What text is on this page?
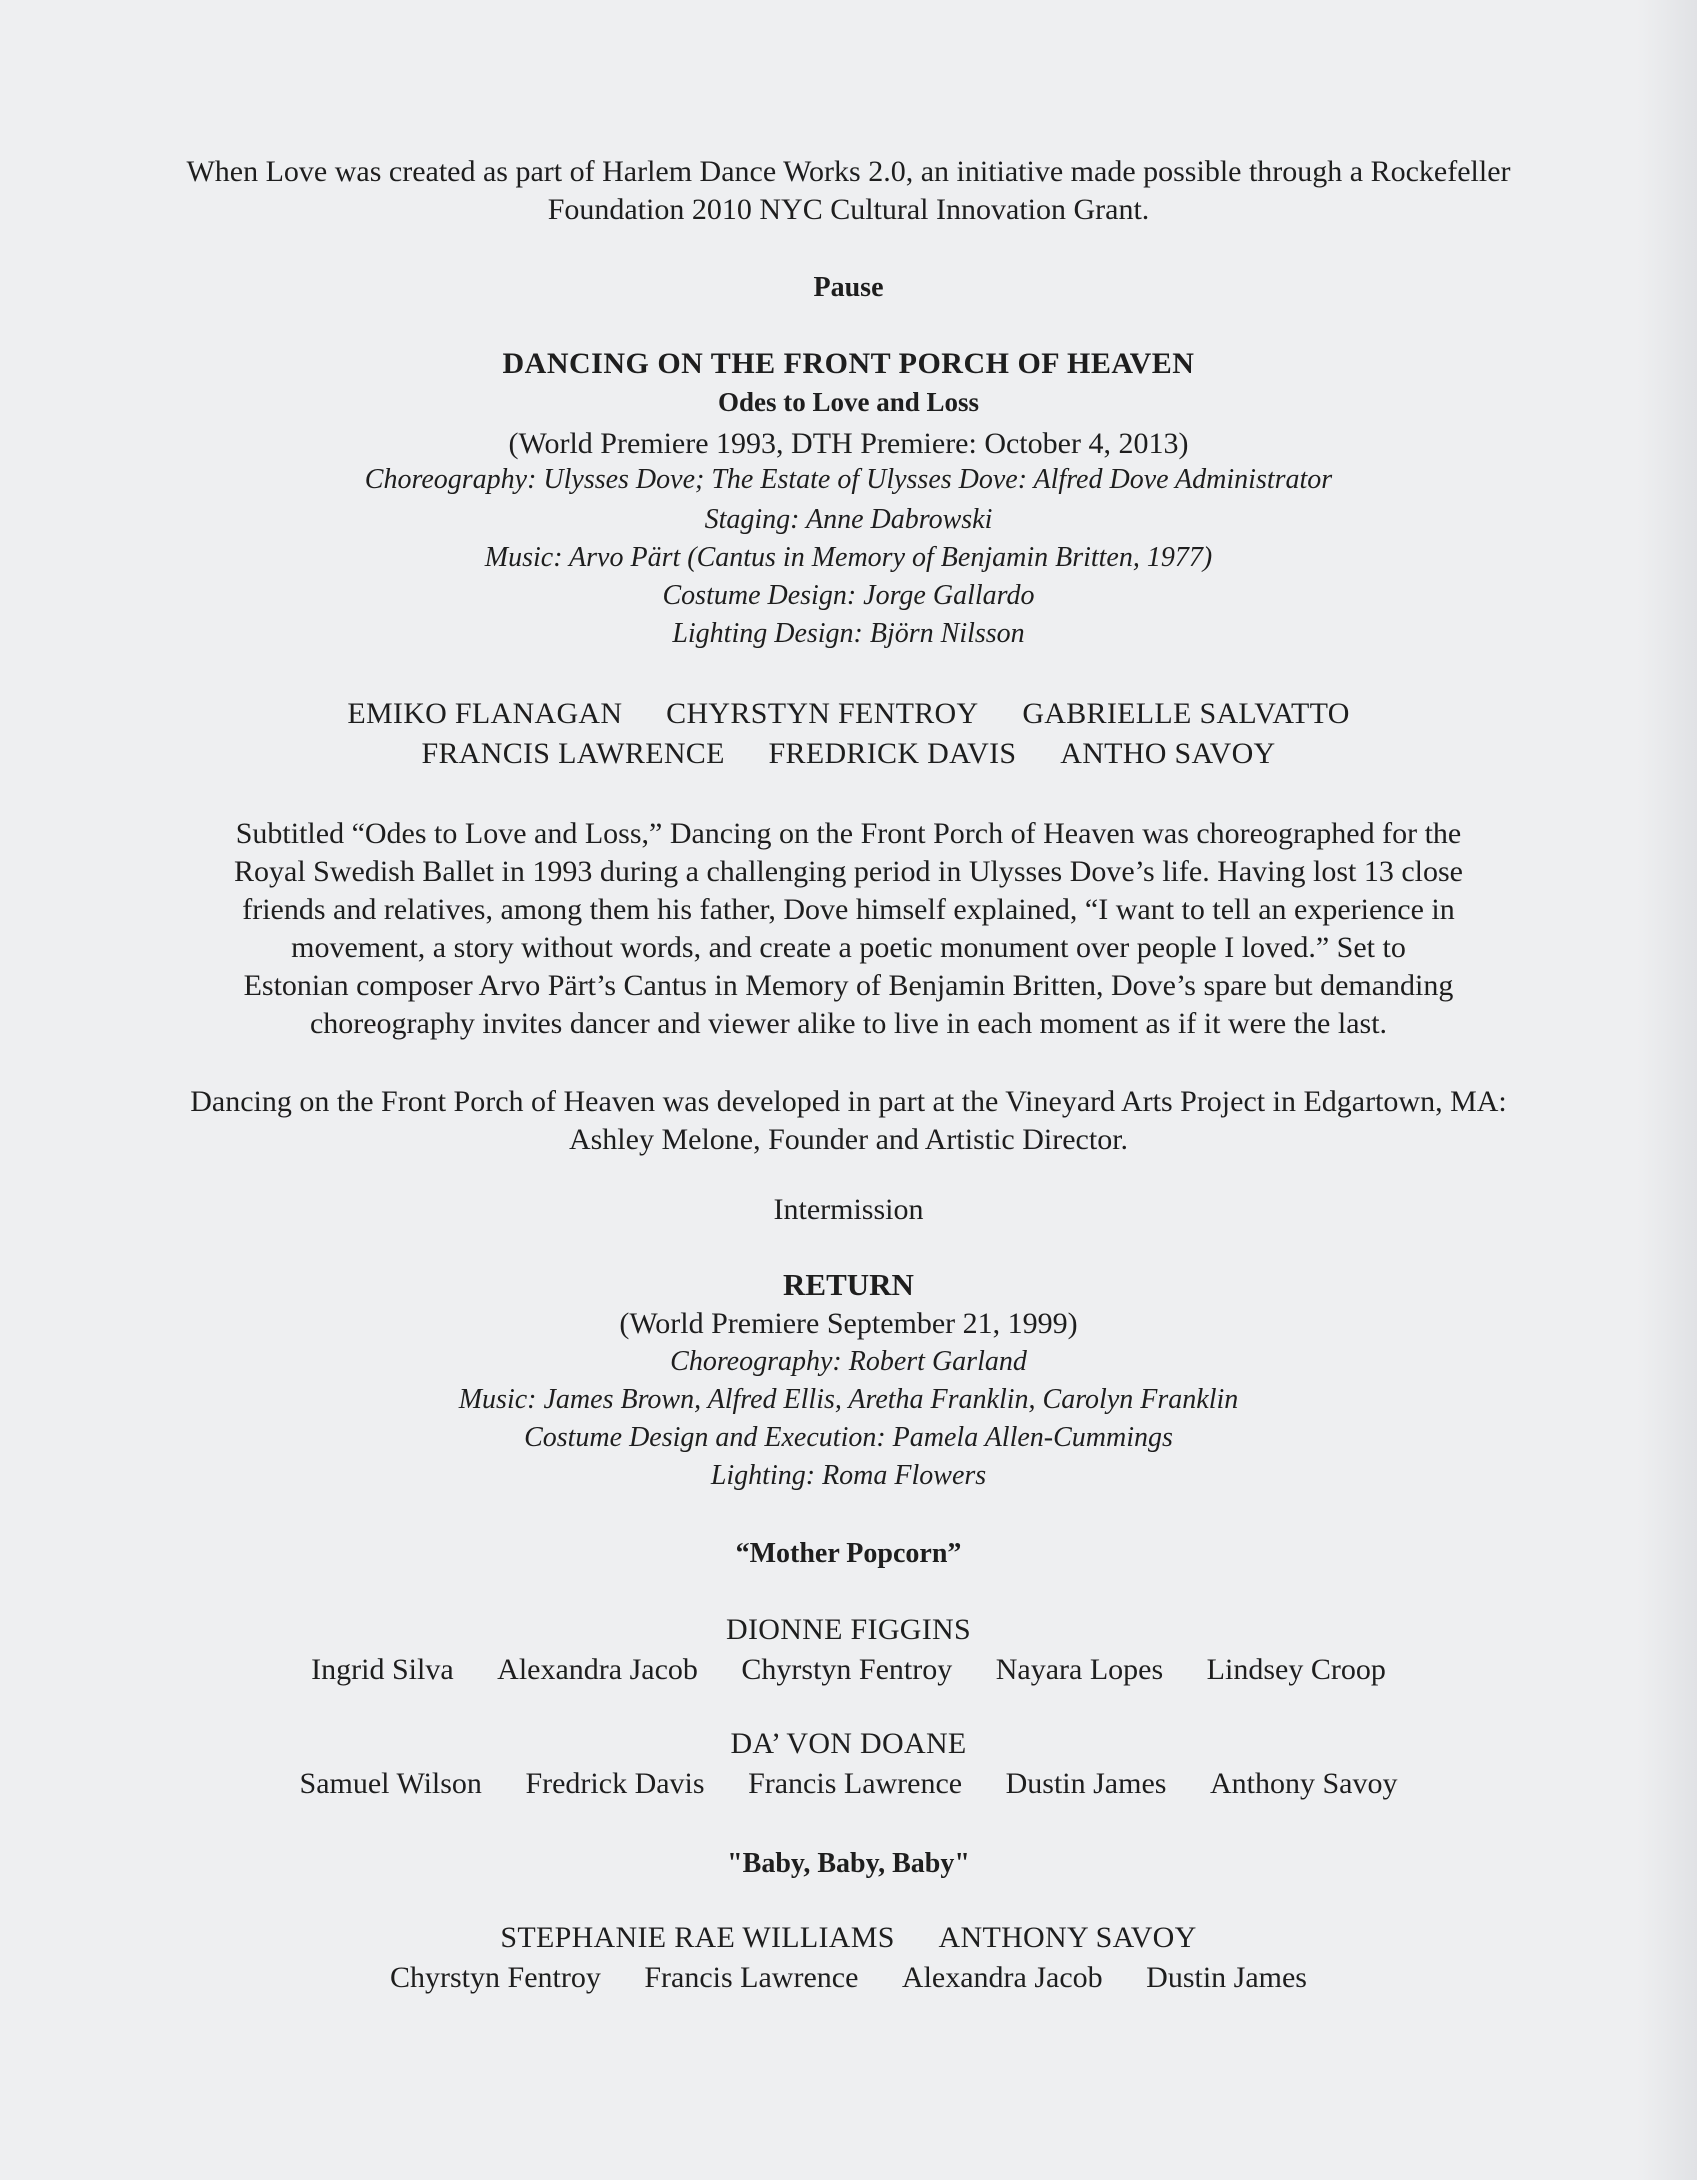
When Love was created as part of Harlem Dance Works 2.0, an initiative made possible through a Rockefeller

Foundation 2010 NYC Cultural Innovation Grant.

Pause

DANCING ON THE FRONT PORCH OF HEAVEN

Odes to Love and Loss

(World Premiere 1993, DTH Premiere: October 4, 2013)

Choreography: Ulysses Dove; The Estate of Ulysses Dove: Alfred Dove Administrator

Staging: Anne Dabrowski

Music: Arvo Pärt (Cantus in Memory of Benjamin Britten, 1977)

Costume Design: Jorge Gallardo

Lighting Design: Björn Nilsson

EMIKO FLANAGAN CHYRSTYN FENTROY GABRIELLE SALVATTO
FRANCIS LAWRENCE FREDRICK DAVIS ANTHO SAVOY

Subtitled “Odes to Love and Loss,” Dancing on the Front Porch of Heaven was choreographed for the

Royal Swedish Ballet in 1993 during a challenging period in Ulysses Dove’s life. Having lost 13 close

friends and relatives, among them his father, Dove himself explained, “I want to tell an experience in

movement, a story without words, and create a poetic monument over people I loved.” Set to

Estonian composer Arvo Pärt’s Cantus in Memory of Benjamin Britten, Dove’s spare but demanding

choreography invites dancer and viewer alike to live in each moment as if it were the last.

Dancing on the Front Porch of Heaven was developed in part at the Vineyard Arts Project in Edgartown, MA:

Ashley Melone, Founder and Artistic Director.

Intermission

RETURN

(World Premiere September 21, 1999)

Choreography: Robert Garland

Music: James Brown, Alfred Ellis, Aretha Franklin, Carolyn Franklin

Costume Design and Execution: Pamela Allen-Cummings

Lighting: Roma Flowers

“Mother Popcorn”

DIONNE FIGGINS

Ingrid Silva Alexandra Jacob Chyrstyn Fentroy Nayara Lopes Lindsey Croop

DA’ VON DOANE

Samuel Wilson Fredrick Davis Francis Lawrence Dustin James Anthony Savoy

"Baby, Baby, Baby"

STEPHANIE RAE WILLIAMS ANTHONY SAVOY
Chyrstyn Fentroy Francis Lawrence Alexandra Jacob Dustin James
